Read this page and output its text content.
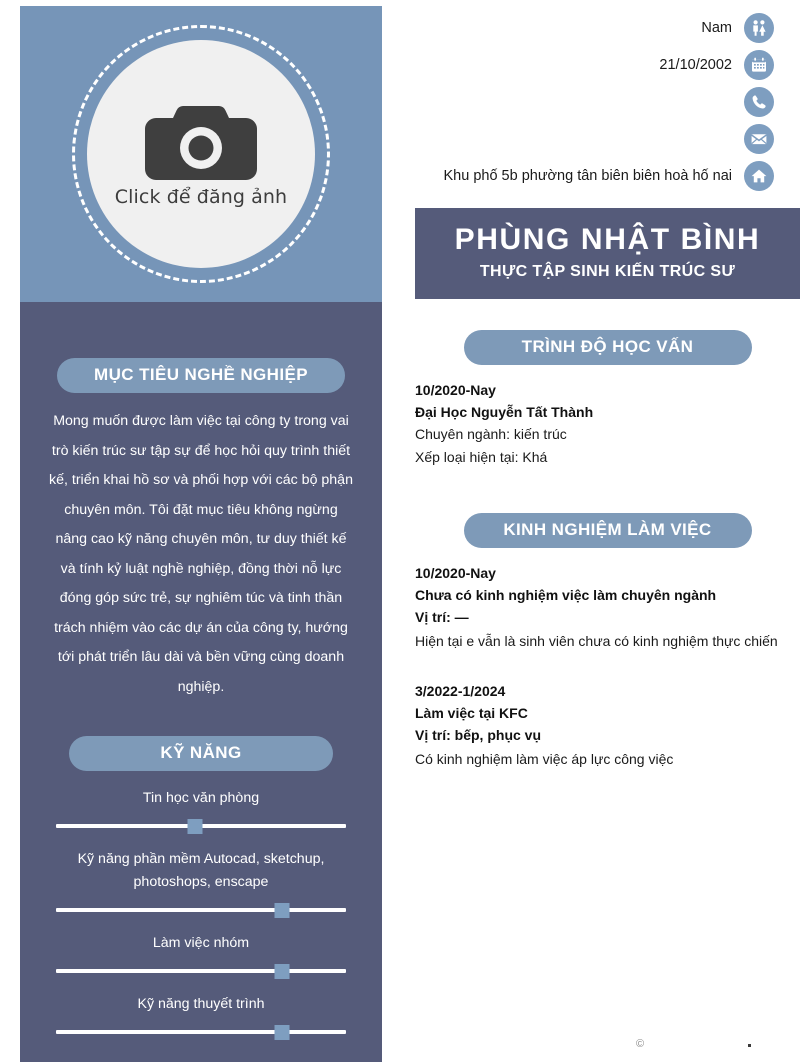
Click để đăng ảnh
MỤC TIÊU NGHỀ NGHIỆP
Mong muốn được làm việc tại công ty trong vai trò kiến trúc sư tập sự để học hỏi quy trình thiết kế, triển khai hồ sơ và phối hợp với các bộ phận chuyên môn. Tôi đặt mục tiêu không ngừng nâng cao kỹ năng chuyên môn, tư duy thiết kế và tính kỷ luật nghề nghiệp, đồng thời nỗ lực đóng góp sức trẻ, sự nghiêm túc và tinh thần trách nhiệm vào các dự án của công ty, hướng tới phát triển lâu dài và bền vững cùng doanh nghiệp.
KỸ NĂNG
Tin học văn phòng
Kỹ năng phần mềm Autocad, sketchup, photoshops, enscape
Làm việc nhóm
Kỹ năng thuyết trình
Nam
21/10/2002
Khu phố 5b phường tân biên biên hoà hố nai
PHÙNG NHẬT BÌNH
THỰC TẬP SINH KIẾN TRÚC SƯ
TRÌNH ĐỘ HỌC VẤN
10/2020-Nay
Đại Học Nguyễn Tất Thành
Chuyên ngành: kiến trúc
Xếp loại hiện tại: Khá
KINH NGHIỆM LÀM VIỆC
10/2020-Nay
Chưa có kinh nghiệm việc làm chuyên ngành
Vị trí: —
Hiện tại e vẫn là sinh viên chưa có kinh nghiệm thực chiến
3/2022-1/2024
Làm việc tại KFC
Vị trí: bếp, phục vụ
Có kinh nghiệm làm việc áp lực công việc
©
